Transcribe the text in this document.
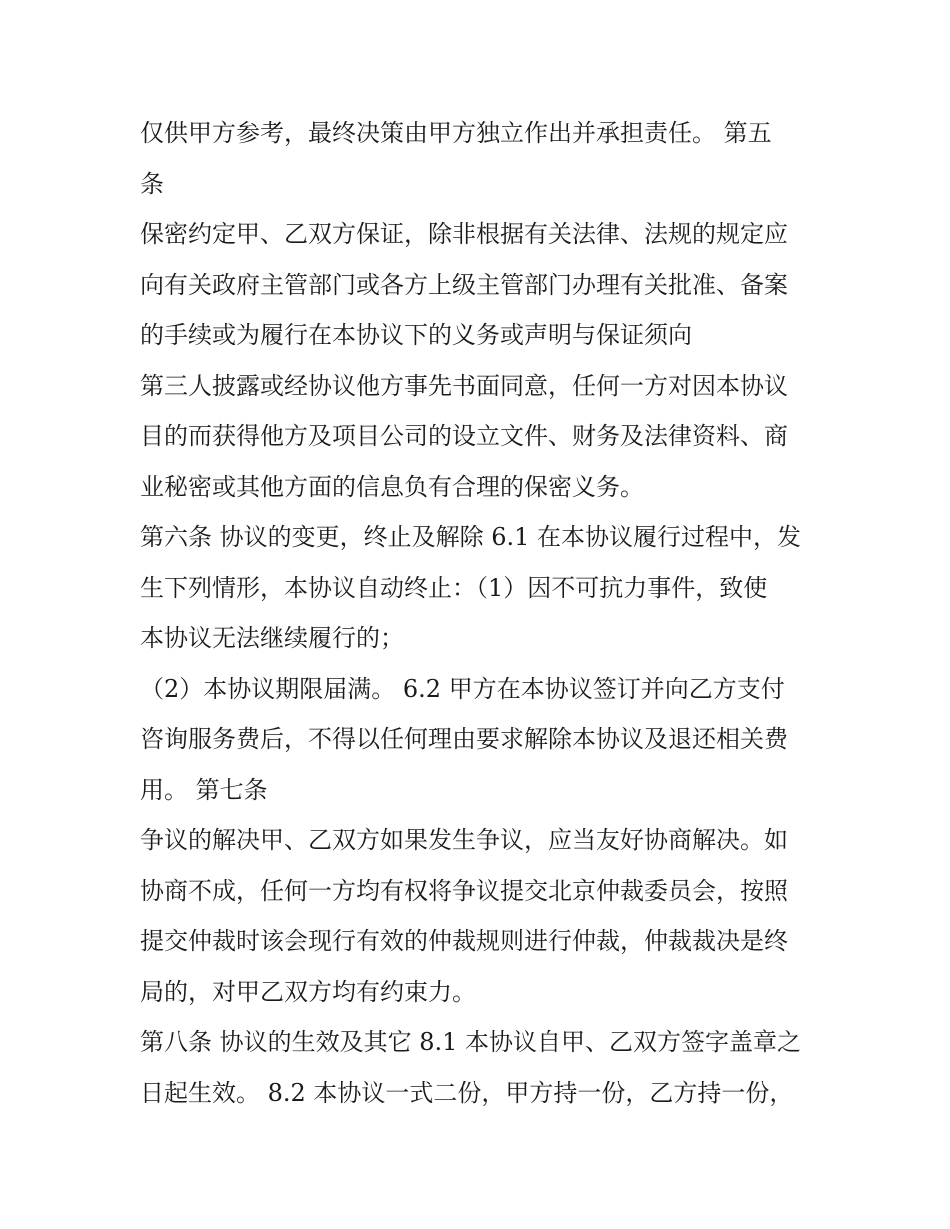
仅供甲方参考，最终决策由甲方独立作出并承担责任。 第五
条
保密约定甲、乙双方保证，除非根据有关法律、法规的规定应
向有关政府主管部门或各方上级主管部门办理有关批准、备案
的手续或为履行在本协议下的义务或声明与保证须向
第三人披露或经协议他方事先书面同意，任何一方对因本协议
目的而获得他方及项目公司的设立文件、财务及法律资料、商
业秘密或其他方面的信息负有合理的保密义务。
第六条 协议的变更，终止及解除 6.1 在本协议履行过程中，发
生下列情形，本协议自动终止：（1）因不可抗力事件，致使
本协议无法继续履行的；
（2）本协议期限届满。 6.2 甲方在本协议签订并向乙方支付
咨询服务费后，不得以任何理由要求解除本协议及退还相关费
用。 第七条
争议的解决甲、乙双方如果发生争议，应当友好协商解决。如
协商不成，任何一方均有权将争议提交北京仲裁委员会，按照
提交仲裁时该会现行有效的仲裁规则进行仲裁，仲裁裁决是终
局的，对甲乙双方均有约束力。
第八条 协议的生效及其它 8.1 本协议自甲、乙双方签字盖章之
日起生效。 8.2 本协议一式二份，甲方持一份，乙方持一份，
